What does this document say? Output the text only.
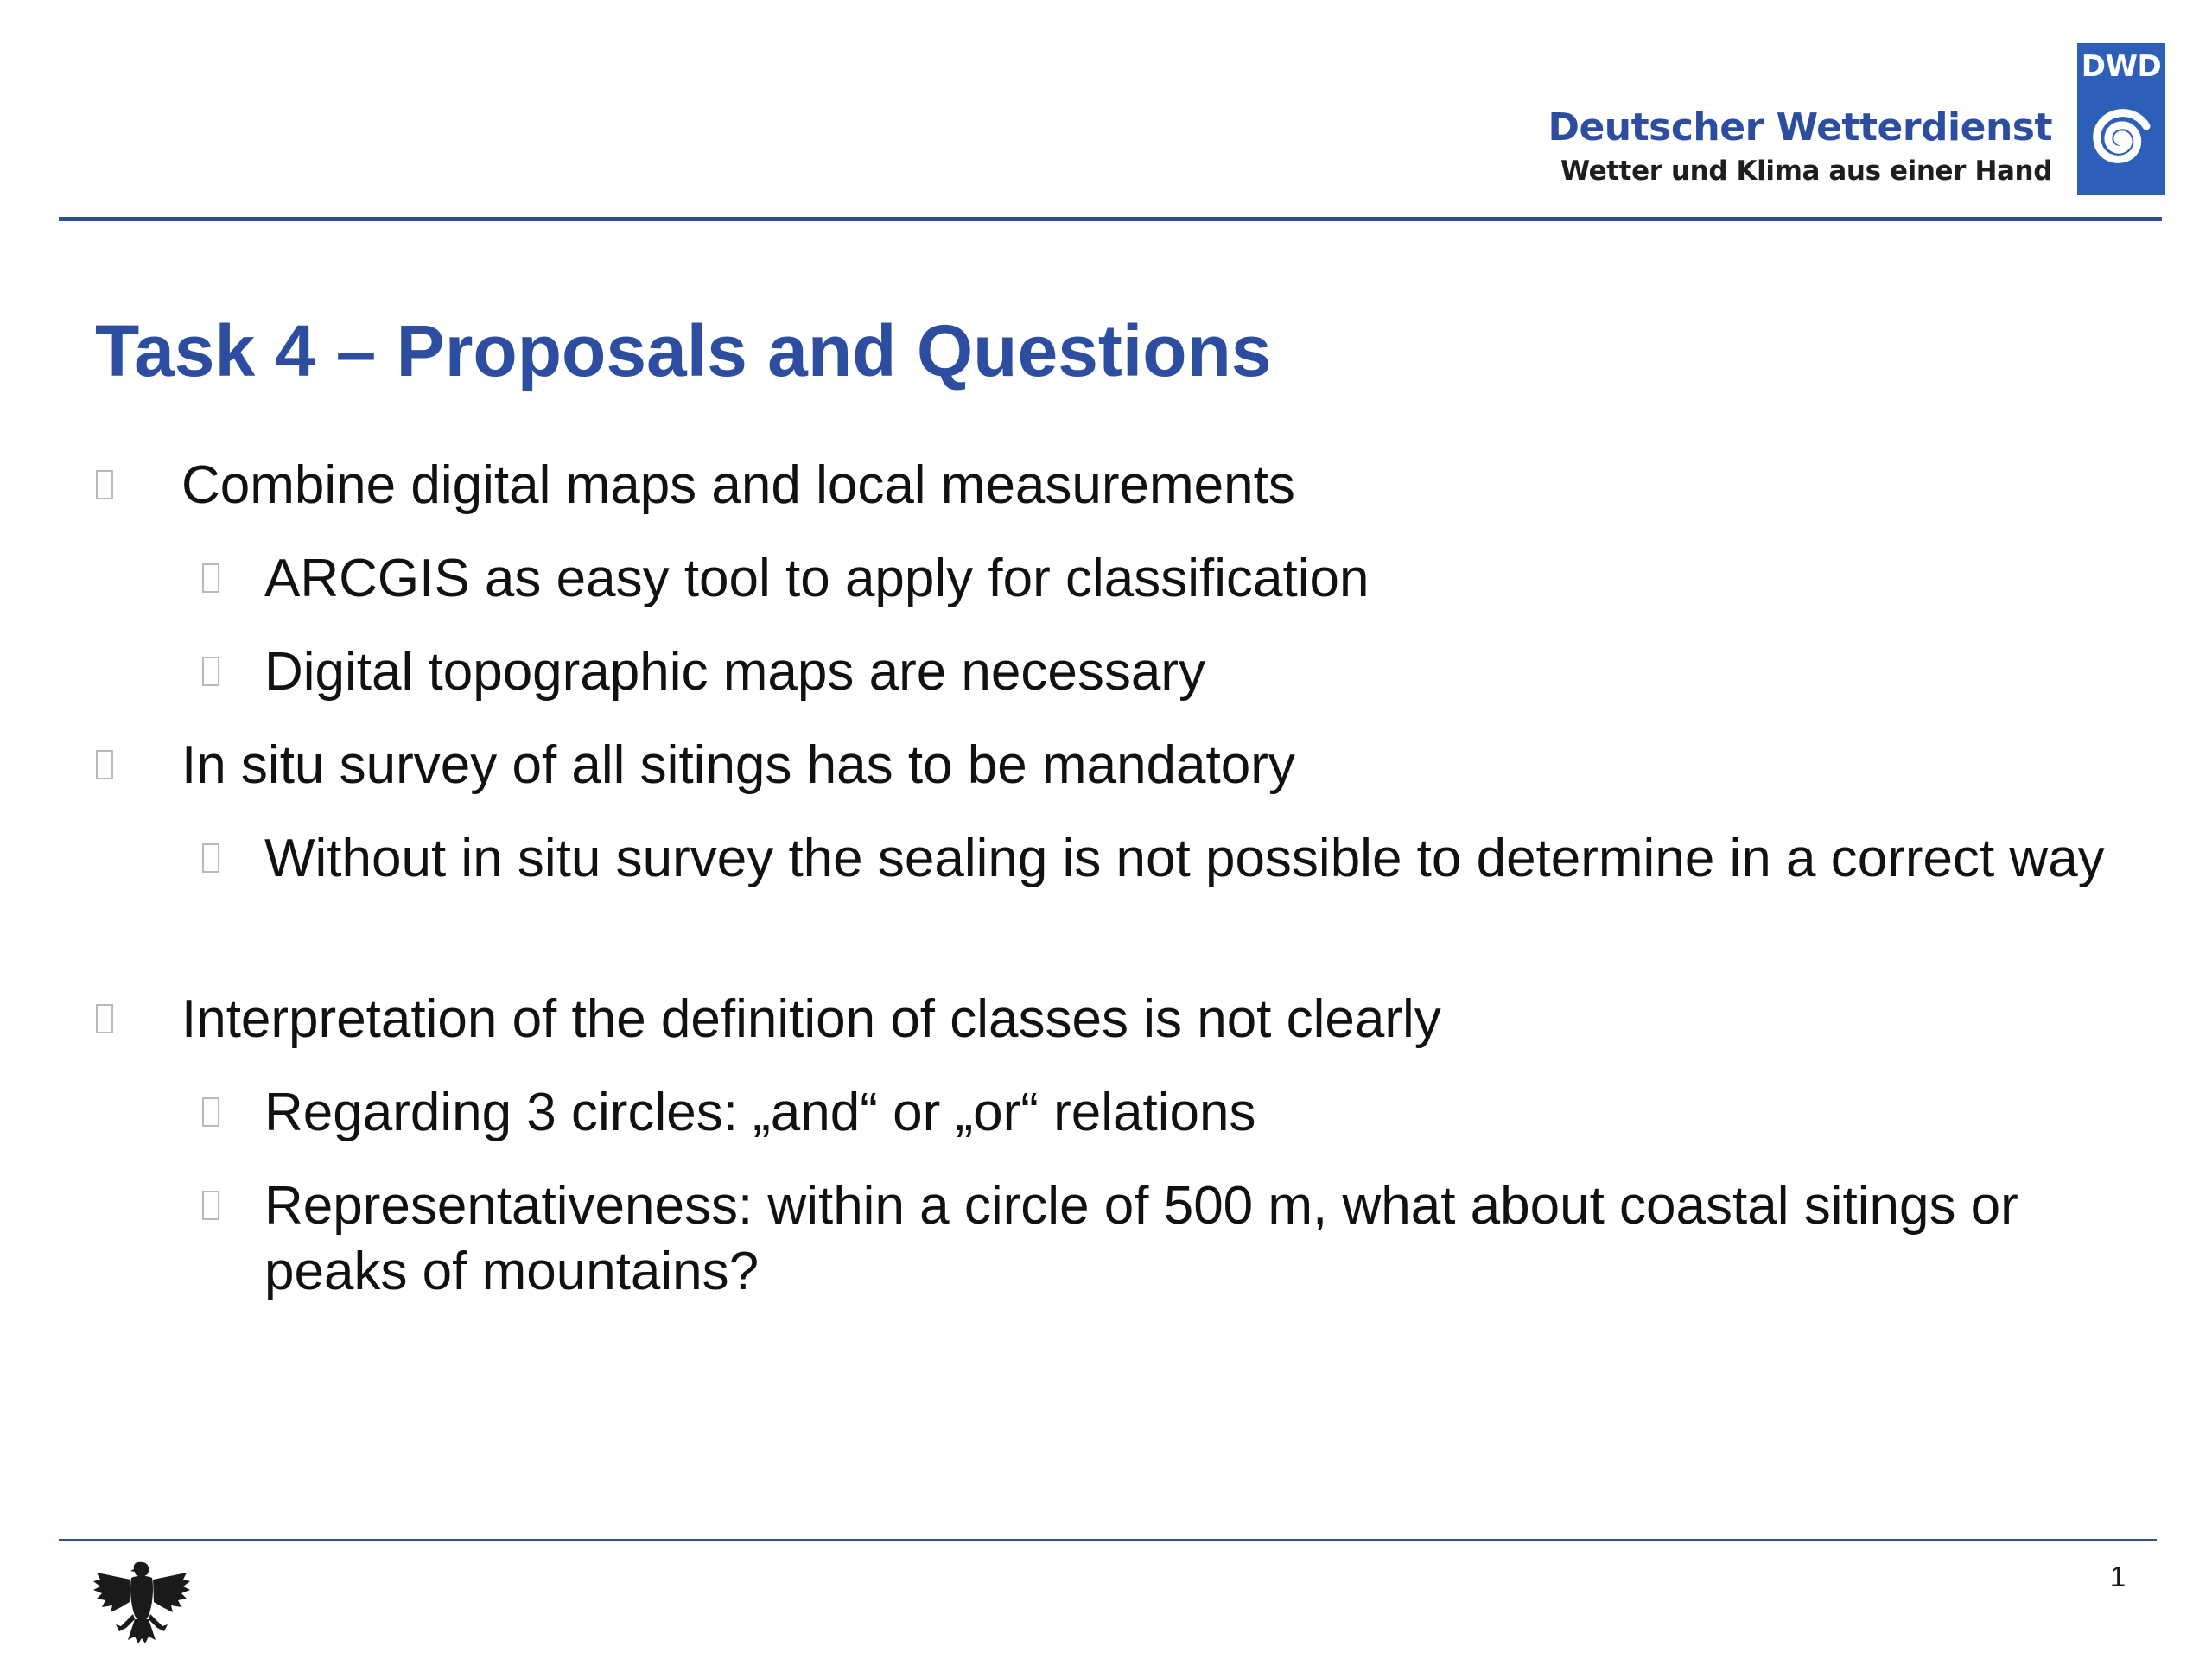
Deutscher Wetterdienst
Wetter und Klima aus einer Hand
DWD
Task 4 – Proposals and Questions
Combine digital maps and local measurements
ARCGIS as easy tool to apply for classification
Digital topographic maps are necessary
In situ survey of all sitings has to be mandatory
Without in situ survey the sealing is not possible to determine in a correct way
Interpretation of the definition of classes is not clearly
Regarding 3 circles: „and“ or „or“ relations
Representativeness: within a circle of 500 m, what about coastal sitings or peaks of mountains?
1
